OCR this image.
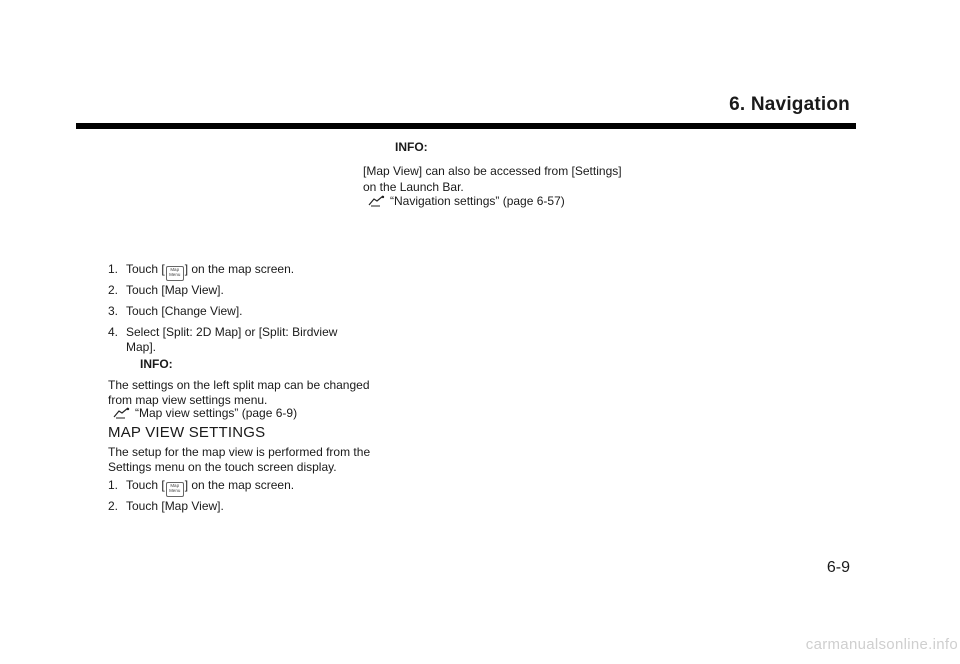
6. Navigation
INFO:
[Map View] can also be accessed from [Settings]
on the Launch Bar.
“Navigation settings” (page 6-57)
1. Touch [	Map
Menu ] on the map screen.
2. Touch [Map View].
3. Touch [Change View].
4. Select [Split: 2D Map] or [Split: Birdview
Map].
INFO:
The settings on the left split map can be changed
from map view settings menu.
“Map view settings” (page 6-9)
MAP VIEW SETTINGS
The setup for the map view is performed from the
Settings menu on the touch screen display.
1. Touch [	Map
Menu ] on the map screen.
2. Touch [Map View].
6-9
carmanualsonline.info
